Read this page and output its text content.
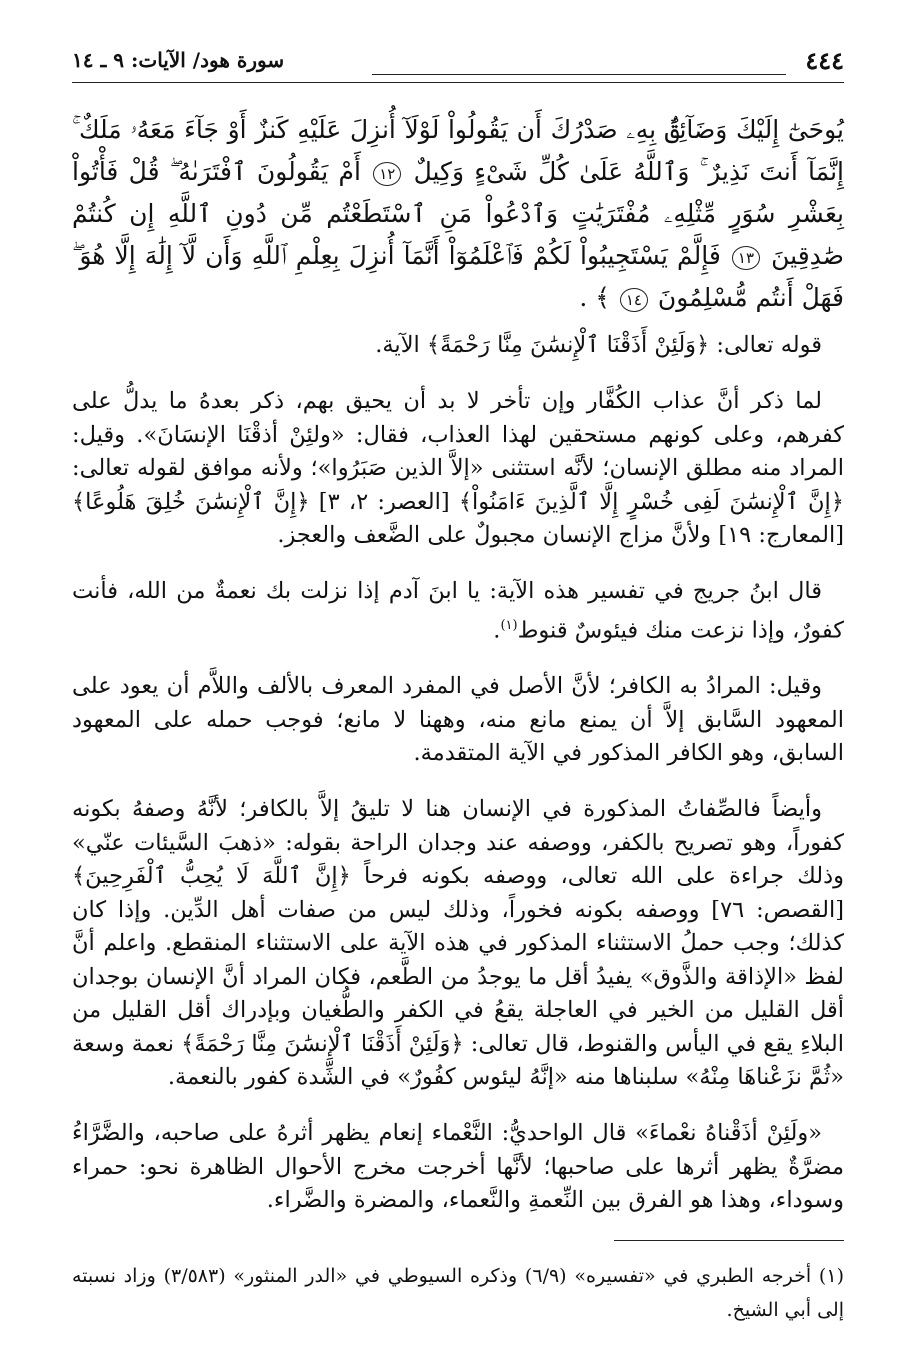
٤٤٤
سورة هود/ الآيات: ٩ ـ ١٤
يُوحَىٰٓ إِلَيْكَ وَضَآئِقٌۢ بِهِۦ صَدْرُكَ أَن يَقُولُواْ لَوْلَآ أُنزِلَ عَلَيْهِ كَنزٌ أَوْ جَآءَ مَعَهُۥ مَلَكٌ ۚ إِنَّمَآ أَنتَ نَذِيرٌ ۚ وَٱللَّهُ عَلَىٰ كُلِّ شَىْءٍ وَكِيلٌ ١٢ أَمْ يَقُولُونَ ٱفْتَرَىٰهُ ۖ قُلْ فَأْتُواْ بِعَشْرِ سُوَرٍ مِّثْلِهِۦ مُفْتَرَيَٰتٍ وَٱدْعُواْ مَنِ ٱسْتَطَعْتُم مِّن دُونِ ٱللَّهِ إِن كُنتُمْ صَٰدِقِينَ ١٣ فَإِلَّمْ يَسْتَجِيبُواْ لَكُمْ فَٱعْلَمُوٓاْ أَنَّمَآ أُنزِلَ بِعِلْمِ ٱللَّهِ وَأَن لَّآ إِلَٰهَ إِلَّا هُوَ ۖ فَهَلْ أَنتُم مُّسْلِمُونَ ١٤ ﴾ .

قوله تعالى: ﴿وَلَئِنْ أَذَقْنَا ٱلْإِنسَٰنَ مِنَّا رَحْمَةً﴾ الآية.

لما ذكر أنَّ عذاب الكُفَّار وإن تأخر لا بد أن يحيق بهم، ذكر بعدهُ ما يدلُّ على كفرهم، وعلى كونهم مستحقين لهذا العذاب، فقال: «ولئِنْ أذقْنَا الإنسَانَ». وقيل: المراد منه مطلق الإنسان؛ لأنَّه استثنى «إلاَّ الذين صَبَرُوا»؛ ولأنه موافق لقوله تعالى: ﴿إِنَّ ٱلْإِنسَٰنَ لَفِى خُسْرٍ إِلَّا ٱلَّذِينَ ءَامَنُواْ﴾ [العصر: ٢، ٣] ﴿إِنَّ ٱلْإِنسَٰنَ خُلِقَ هَلُوعًا﴾ [المعارج: ١٩] ولأنَّ مزاج الإنسان مجبولٌ على الضَّعف والعجز.

قال ابنُ جريج في تفسير هذه الآية: يا ابنَ آدم إذا نزلت بك نعمةٌ من الله، فأنت كفورٌ، وإذا نزعت منك فيئوسٌ قنوط$^{(١)}$.

وقيل: المرادُ به الكافر؛ لأنَّ الأصل في المفرد المعرف بالألف واللاَّم أن يعود على المعهود السَّابق إلاَّ أن يمنع مانع منه، وههنا لا مانع؛ فوجب حمله على المعهود السابق، وهو الكافر المذكور في الآية المتقدمة.

وأيضاً فالصِّفاتُ المذكورة في الإنسان هنا لا تليقُ إلاَّ بالكافر؛ لأنَّهُ وصفهُ بكونه كفوراً، وهو تصريح بالكفر، ووصفه عند وجدان الراحة بقوله: «ذهبَ السَّيئات عنّي» وذلك جراءة على الله تعالى، ووصفه بكونه فرحاً ﴿إِنَّ ٱللَّهَ لَا يُحِبُّ ٱلْفَرِحِينَ﴾ [القصص: ٧٦] ووصفه بكونه فخوراً، وذلك ليس من صفات أهل الدِّين. وإذا كان كذلك؛ وجب حملُ الاستثناء المذكور في هذه الآية على الاستثناء المنقطع. واعلم أنَّ لفظ «الإذاقة والذَّوق» يفيدُ أقل ما يوجدُ من الطَّعم، فكان المراد أنَّ الإنسان بوجدان أقل القليل من الخير في العاجلة يقعُ في الكفر والطُّغيان وبإدراك أقل القليل من البلاءِ يقع في اليأس والقنوط، قال تعالى: ﴿وَلَئِنْ أَذَقْنَا ٱلْإِنسَٰنَ مِنَّا رَحْمَةً﴾ نعمة وسعة «ثُمَّ نزَعْناهَا مِنْهُ» سلبناها منه «إنَّهُ ليئوس كفُورٌ» في الشِّدة كفور بالنعمة.

«ولَئِنْ أذَقْناهُ نعْماءَ» قال الواحديُّ: النَّعْماء إنعام يظهر أثرهُ على صاحبه، والضَّرَّاءُ مضرَّةٌ يظهر أثرها على صاحبها؛ لأنَّها أخرجت مخرج الأحوال الظاهرة نحو: حمراء وسوداء، وهذا هو الفرق بين النِّعمةِ والنَّعماء، والمضرة والضَّراء.

(١) أخرجه الطبري في «تفسيره» (٦/٩) وذكره السيوطي في «الدر المنثور» (٣/٥٨٣) وزاد نسبته إلى أبي الشيخ.
